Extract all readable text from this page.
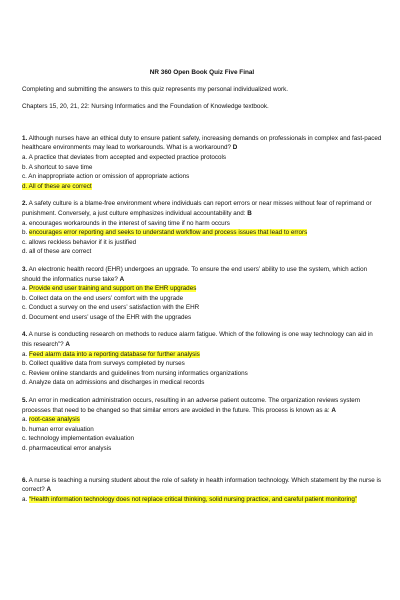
NR 360 Open Book Quiz Five Final
Completing and submitting the answers to this quiz represents my personal individualized work.
Chapters 15, 20, 21, 22: Nursing Informatics and the Foundation of Knowledge textbook.
1. Although nurses have an ethical duty to ensure patient safety, increasing demands on professionals in complex and fast-paced healthcare environments may lead to workarounds. What is a workaround? D
a. A practice that deviates from accepted and expected practice protocols
b. A shortcut to save time
c. An inappropriate action or omission of appropriate actions
d. All of these are correct
2. A safety culture is a blame-free environment where individuals can report errors or near misses without fear of reprimand or punishment. Conversely, a just culture emphasizes individual accountability and: B
a. encourages workarounds in the interest of saving time if no harm occurs
b. encourages error reporting and seeks to understand workflow and process issues that lead to errors
c. allows reckless behavior if it is justified
d. all of these are correct
3. An electronic health record (EHR) undergoes an upgrade. To ensure the end users’ ability to use the system, which action should the informatics nurse take? A
a. Provide end user training and support on the EHR upgrades
b. Collect data on the end users’ comfort with the upgrade
c. Conduct a survey on the end users’ satisfaction with the EHR
d. Document end users’ usage of the EHR with the upgrades
4. A nurse is conducting research on methods to reduce alarm fatigue. Which of the following is one way technology can aid in this research”? A
a. Feed alarm data into a reporting database for further analysis
b. Collect qualitive data from surveys completed by nurses
c. Review online standards and guidelines from nursing informatics organizations
d. Analyze data on admissions and discharges in medical records
5. An error in medication administration occurs, resulting in an adverse patient outcome. The organization reviews system processes that need to be changed so that similar errors are avoided in the future. This process is known as a: A
a. root-case analysis
b. human error evaluation
c. technology implementation evaluation
d. pharmaceutical error analysis
6. A nurse is teaching a nursing student about the role of safety in health information technology. Which statement by the nurse is correct? A
a. “Health information technology does not replace critical thinking, solid nursing practice, and careful patient monitoring”
